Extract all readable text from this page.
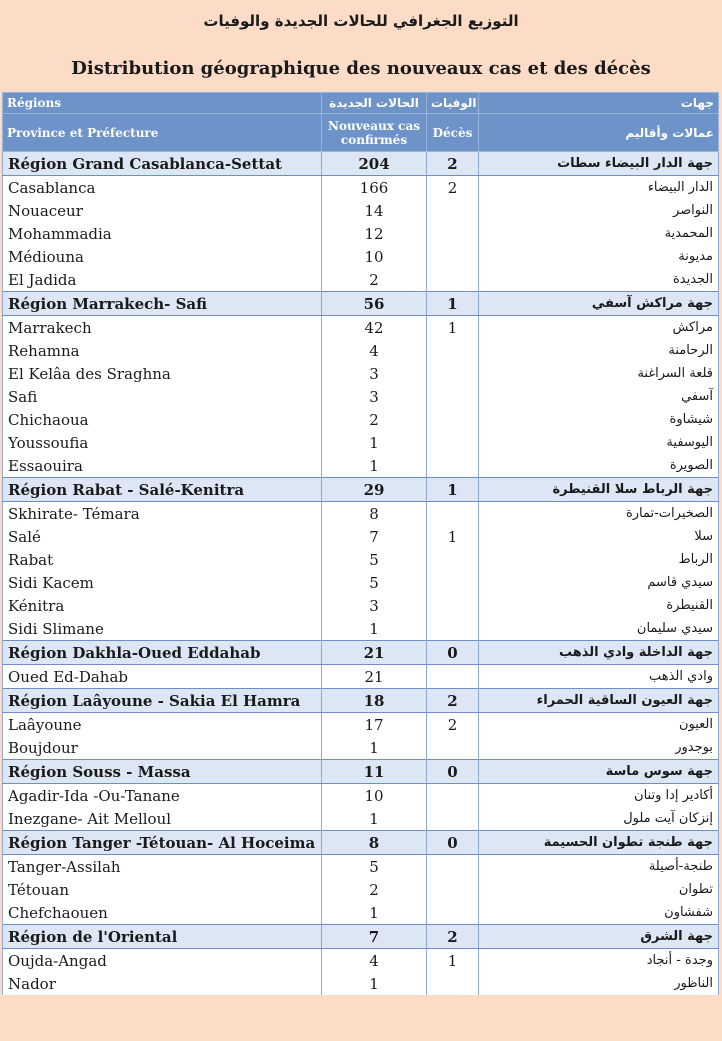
التوزيع الجغرافي للحالات الجديدة والوفيات
Distribution géographique des nouveaux cas et des décès
Régions	الحالات الجديدة	الوفيات	جهات
Province et Préfecture	Nouveaux cas confirmés	Décès	عمالات وأقاليم
Région Grand Casablanca-Settat	204	2	جهة الدار البيضاء سطات
Casablanca	166	2	الدار البيضاء
Nouaceur	14		النواصر
Mohammadia	12		المحمدية
Médiouna	10		مديونة
El Jadida	2		الجديدة
Région Marrakech- Safi	56	1	جهة مراكش آسفي
Marrakech	42	1	مراكش
Rehamna	4		الرحامنة
El Kelâa des Sraghna	3		قلعة السراغنة
Safi	3		آسفي
Chichaoua	2		شيشاوة
Youssoufia	1		اليوسفية
Essaouira	1		الصويرة
Région Rabat - Salé-Kenitra	29	1	جهة الرباط سلا القنيطرة
Skhirate- Témara	8		الصخيرات-تمارة
Salé	7	1	سلا
Rabat	5		الرباط
Sidi Kacem	5		سيدي قاسم
Kénitra	3		القنيطرة
Sidi Slimane	1		سيدي سليمان
Région Dakhla-Oued Eddahab	21	0	جهة الداخلة وادي الذهب
Oued Ed-Dahab	21		وادي الذهب
Région Laâyoune - Sakia El Hamra	18	2	جهة العيون الساقية الحمراء
Laâyoune	17	2	العيون
Boujdour	1		بوجدور
Région Souss - Massa	11	0	جهة سوس ماسة
Agadir-Ida -Ou-Tanane	10		أكادير إدا وتنان
Inezgane- Ait Melloul	1		إنزكان آيت ملول
Région Tanger -Tétouan- Al Hoceima	8	0	جهة طنجة تطوان الحسيمة
Tanger-Assilah	5		طنجة-أصيلة
Tétouan	2		تطوان
Chefchaouen	1		شفشاون
Région de l'Oriental	7	2	جهة الشرق
Oujda-Angad	4	1	وجدة - أنجاد
Nador	1		الناظور
